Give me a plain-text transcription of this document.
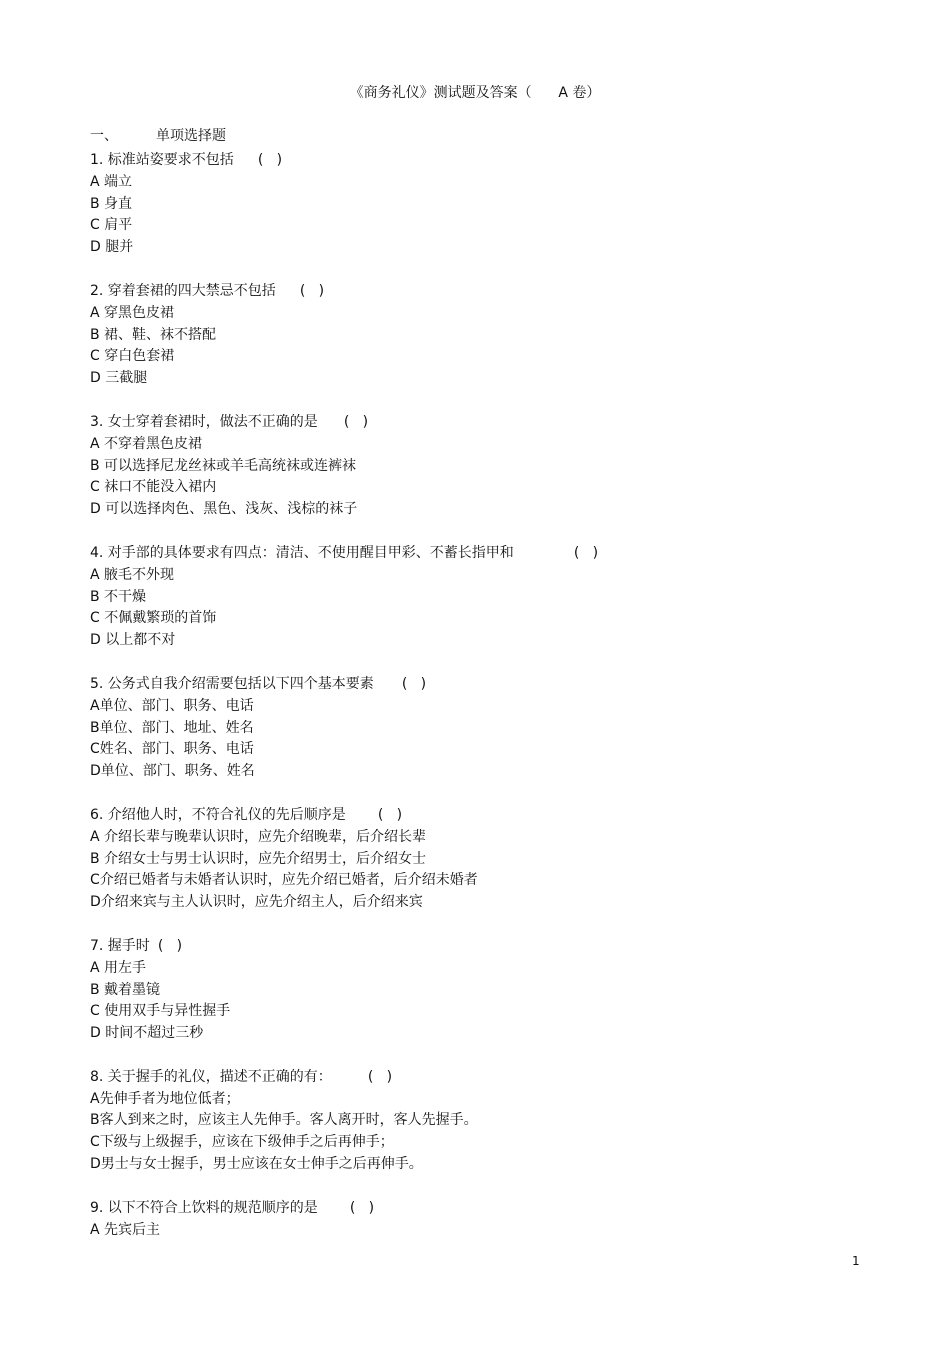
《商务礼仪》测试题及答案（      A 卷）
一、	单项选择题
1. 标准站姿要求不包括 (   )
A 端立
B 身直
C 肩平
D 腿并
2. 穿着套裙的四大禁忌不包括 (   )
A 穿黑色皮裙
B 裙、鞋、袜不搭配
C 穿白色套裙
D 三截腿
3. 女士穿着套裙时，做法不正确的是 (   )
A 不穿着黑色皮裙
B 可以选择尼龙丝袜或羊毛高统袜或连裤袜
C 袜口不能没入裙内
D 可以选择肉色、黑色、浅灰、浅棕的袜子
4. 对手部的具体要求有四点：清洁、不使用醒目甲彩、不蓄长指甲和	(   )
A 腋毛不外现
B 不干燥
C 不佩戴繁琐的首饰
D 以上都不对
5. 公务式自我介绍需要包括以下四个基本要素 (   )
A单位、部门、职务、电话
B单位、部门、地址、姓名
C姓名、部门、职务、电话
D单位、部门、职务、姓名
6. 介绍他人时，不符合礼仪的先后顺序是 (   )
A 介绍长辈与晚辈认识时，应先介绍晚辈，后介绍长辈
B 介绍女士与男士认识时，应先介绍男士，后介绍女士
C介绍已婚者与未婚者认识时，应先介绍已婚者，后介绍未婚者
D介绍来宾与主人认识时，应先介绍主人，后介绍来宾
7. 握手时 (   )
A 用左手
B 戴着墨镜
C 使用双手与异性握手
D 时间不超过三秒
8. 关于握手的礼仪，描述不正确的有：	(   )
A先伸手者为地位低者；
B客人到来之时，应该主人先伸手。客人离开时，客人先握手。
C下级与上级握手，应该在下级伸手之后再伸手；
D男士与女士握手，男士应该在女士伸手之后再伸手。
9. 以下不符合上饮料的规范顺序的是 (   )
A 先宾后主
1
